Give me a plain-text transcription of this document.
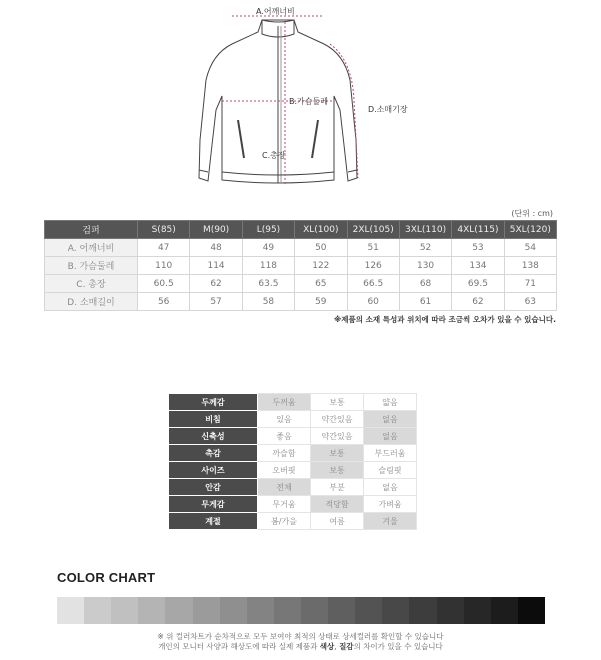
A.어깨너비
B.가슴둘레
D.소매기장
C.총장
(단위 : cm)
검퍼	S(85)	M(90)	L(95)	XL(100)	2XL(105)	3XL(110)	4XL(115)	5XL(120)
A. 어깨너비	47	48	49	50	51	52	53	54
B. 가슴둘레	110	114	118	122	126	130	134	138
C. 총장	60.5	62	63.5	65	66.5	68	69.5	71
D. 소매길이	56	57	58	59	60	61	62	63
※제품의 소재 특성과 위치에 따라 조금씩 오차가 있을 수 있습니다.
두께감	두꺼움	보통	얇음
비침	있음	약간있음	없음
신축성	좋음	약간있음	없음
촉감	까슬함	보통	부드러움
사이즈	오버핏	보통	슬림핏
안감	전체	부분	없음
무게감	무거움	적당함	가벼움
계절	봄/가을	여름	겨울
COLOR CHART
※ 위 컬러차트가 순차적으로 모두 보여야 최적의 상태로 상세컬러를 확인할 수 있습니다
개인의 모니터 사양과 해상도에 따라 실제 제품과 색상, 질감의 차이가 있을 수 있습니다
